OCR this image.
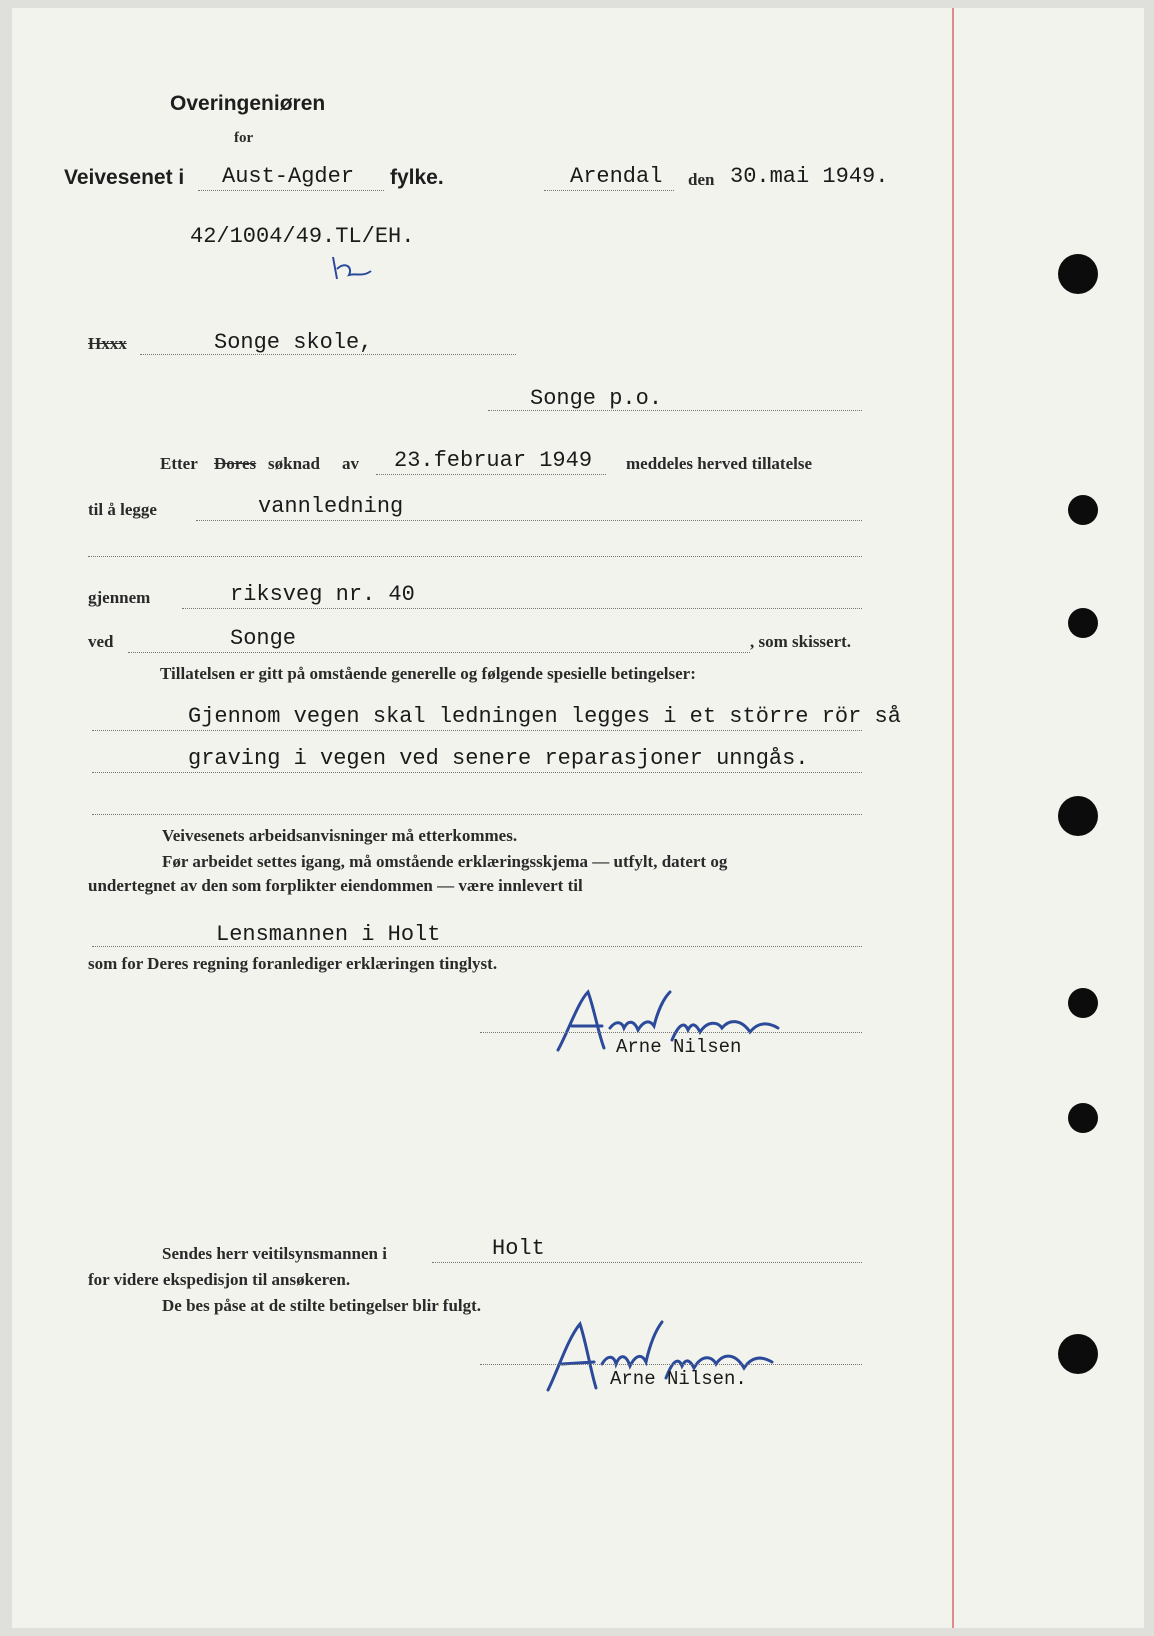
Overingeniøren
for
Veivesenet i Aust-Agder fylke.	Arendal den 30.mai 1949.
42/1004/49.TL/EH.
Hxxx	Songe skole,
Songe p.o.
Etter Dores søknad av 23.februar 1949 meddeles herved tillatelse
til å legge	vannledning
gjennem	riksveg nr. 40
ved	Songe	, som skissert.
Tillatelsen er gitt på omstående generelle og følgende spesielle betingelser:
Gjennom vegen skal ledningen legges i et större rör så
graving i vegen ved senere reparasjoner unngås.
Veivesenets arbeidsanvisninger må etterkommes.
Før arbeidet settes igang, må omstående erklæringsskjema — utfylt, datert og
undertegnet av den som forplikter eiendommen — være innlevert til
Lensmannen i Holt
som for Deres regning foranlediger erklæringen tinglyst.
Arne Nilsen
Sendes herr veitilsynsmannen i	Holt
for videre ekspedisjon til ansøkeren.
De bes påse at de stilte betingelser blir fulgt.
Arne Nilsen.
